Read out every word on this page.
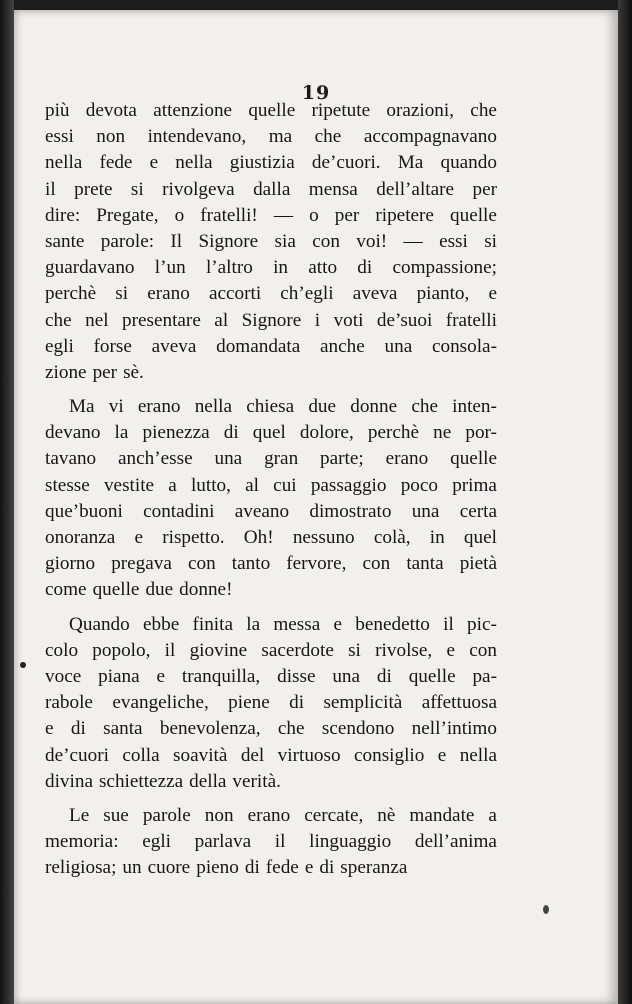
19
più devota attenzione quelle ripetute orazioni, che
essi non intendevano, ma che accompagnavano
nella fede e nella giustizia de’cuori. Ma quando
il prete si rivolgeva dalla mensa dell’altare per
dire: Pregate, o fratelli! — o per ripetere quelle
sante parole: Il Signore sia con voi! — essi si
guardavano l’un l’altro in atto di compassione;
perchè si erano accorti ch’egli aveva pianto, e
che nel presentare al Signore i voti de’suoi fratelli
egli forse aveva domandata anche una consola-
zione per sè.
Ma vi erano nella chiesa due donne che inten-
devano la pienezza di quel dolore, perchè ne por-
tavano anch’esse una gran parte; erano quelle
stesse vestite a lutto, al cui passaggio poco prima
que’buoni contadini aveano dimostrato una certa
onoranza e rispetto. Oh! nessuno colà, in quel
giorno pregava con tanto fervore, con tanta pietà
come quelle due donne!
Quando ebbe finita la messa e benedetto il pic-
colo popolo, il giovine sacerdote si rivolse, e con
voce piana e tranquilla, disse una di quelle pa-
rabole evangeliche, piene di semplicità affettuosa
e di santa benevolenza, che scendono nell’intimo
de’cuori colla soavità del virtuoso consiglio e nella
divina schiettezza della verità.
Le sue parole non erano cercate, nè mandate a
memoria: egli parlava il linguaggio dell’anima
religiosa; un cuore pieno di fede e di speranza
